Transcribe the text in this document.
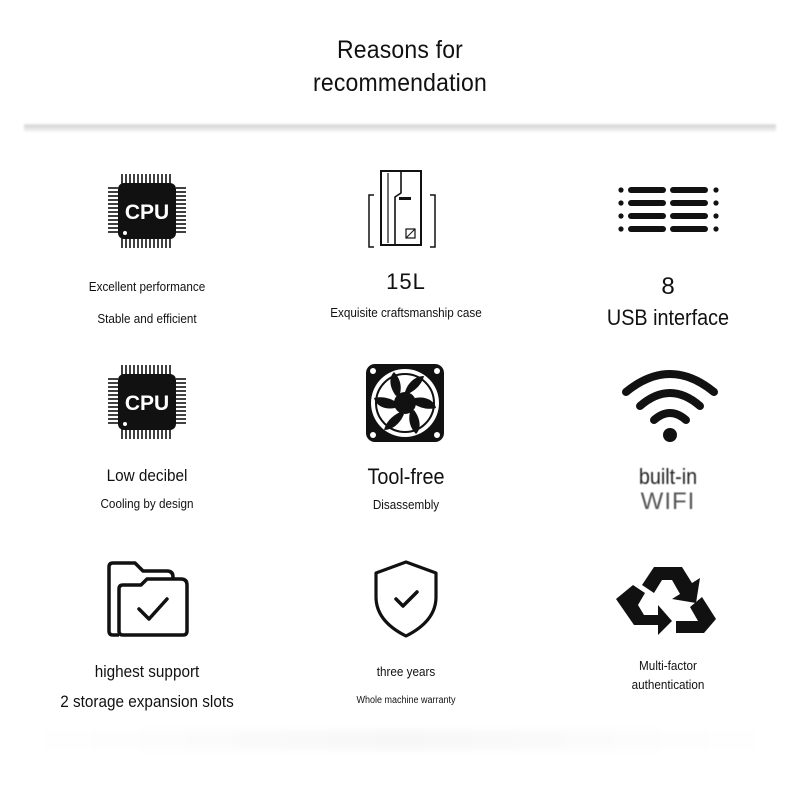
Reasons for
recommendation
CPU
Excellent performance
Stable and efficient
15L
Exquisite craftsmanship case
8
USB interface
CPU
Low decibel
Cooling by design
Tool-free
Disassembly
built-in
WIFI
highest support
2 storage expansion slots
three years
Whole machine warranty
Multi-factor
authentication
